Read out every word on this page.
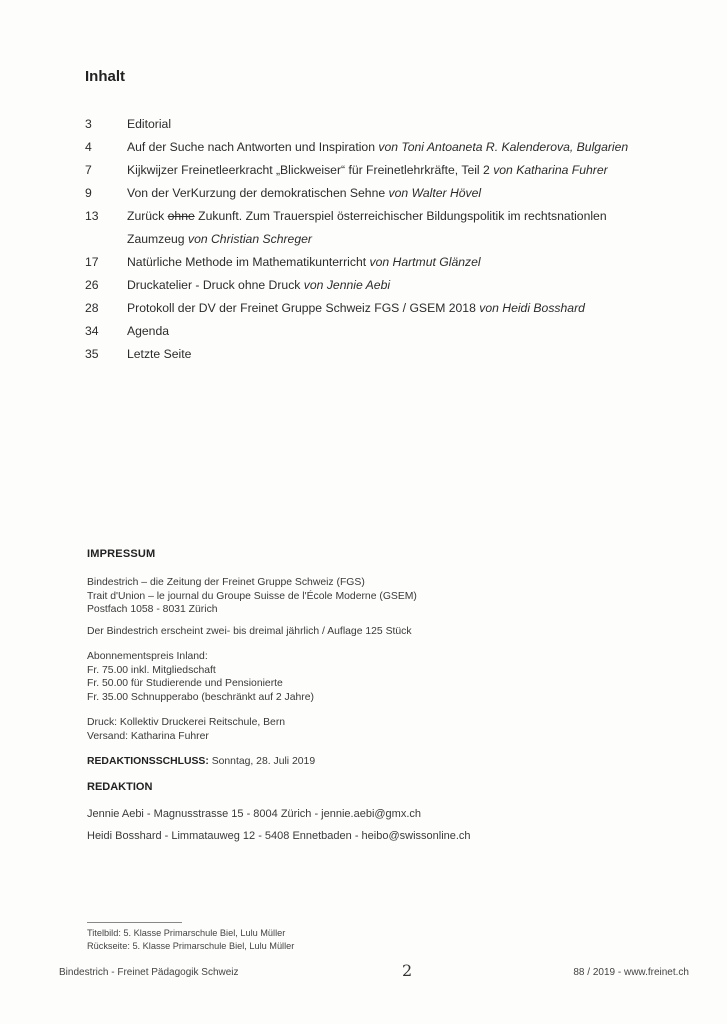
Inhalt
3	Editorial
4	Auf der Suche nach Antworten und Inspiration von Toni Antoaneta R. Kalenderova, Bulgarien
7	Kijkwijzer Freinetleerkracht „Blickweiser“ für Freinetlehrkräfte, Teil 2 von Katharina Fuhrer
9	Von der VerKurzung der demokratischen Sehne von Walter Hövel
13	Zurück ohne Zukunft. Zum Trauerspiel österreichischer Bildungspolitik im rechtsnationlen
Zaumzeug von Christian Schreger
17	Natürliche Methode im Mathematikunterricht von Hartmut Glänzel
26	Druckatelier - Druck ohne Druck von Jennie Aebi
28	Protokoll der DV der Freinet Gruppe Schweiz FGS / GSEM 2018 von Heidi Bosshard
34	Agenda
35	Letzte Seite
IMPRESSUM
Bindestrich – die Zeitung der Freinet Gruppe Schweiz (FGS)
Trait d'Union – le journal du Groupe Suisse de l'École Moderne (GSEM)
Postfach 1058 - 8031 Zürich
Der Bindestrich erscheint zwei- bis dreimal jährlich / Auflage 125 Stück
Abonnementspreis Inland:
Fr. 75.00 inkl. Mitgliedschaft
Fr. 50.00 für Studierende und Pensionierte
Fr. 35.00 Schnupperabo (beschränkt auf 2 Jahre)
Druck: Kollektiv Druckerei Reitschule, Bern
Versand: Katharina Fuhrer
REDAKTIONSSCHLUSS: Sonntag, 28. Juli 2019
REDAKTION
Jennie Aebi - Magnusstrasse 15 - 8004 Zürich - jennie.aebi@gmx.ch
Heidi Bosshard - Limmatauweg 12 - 5408 Ennetbaden - heibo@swissonline.ch
Titelbild: 5. Klasse Primarschule Biel, Lulu Müller
Rückseite: 5. Klasse Primarschule Biel, Lulu Müller
Bindestrich - Freinet Pädagogik Schweiz	2	88 / 2019 - www.freinet.ch
